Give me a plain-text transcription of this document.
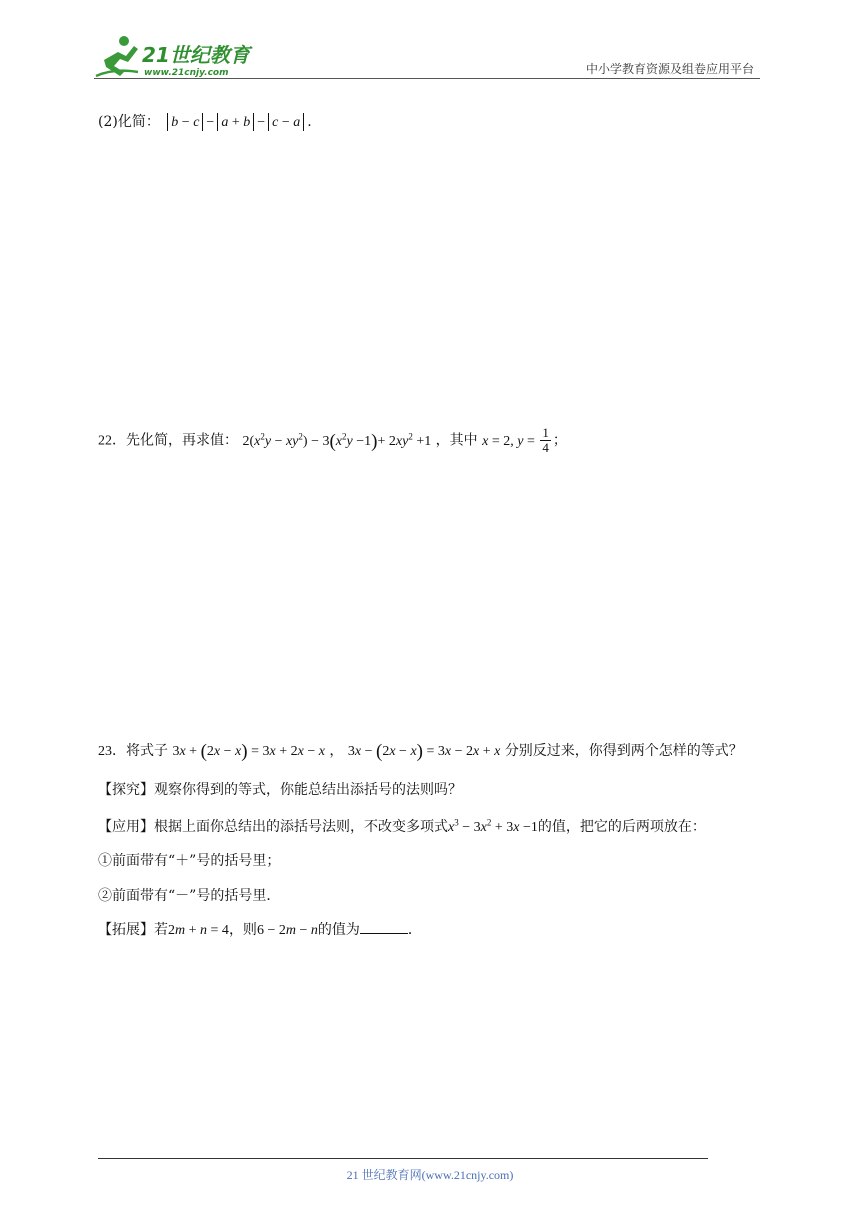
21世纪教育
www.21cnjy.com	中小学教育资源及组卷应用平台
(2)化简： b − c − a + b − c − a .
22．先化简，再求值： $2(x^2y - xy^2) - 3(x^2y -1)+ 2xy^2 +1$ ，其中 x = 2, $y = \frac{1}{4}$ ；
23．将式子 3x + (2x − x) = 3x + 2x − x ， 3x − (2x − x) = 3x − 2x + x 分别反过来，你得到两个怎样的等式？
【探究】观察你得到的等式，你能总结出添括号的法则吗？
【应用】根据上面你总结出的添括号法则，不改变多项式$x^3 - 3x^2 + 3x -1$的值，把它的后两项放在：
①前面带有“＋”号的括号里；
②前面带有“－”号的括号里．
【拓展】若2m + n = 4，则6 − 2m − n的值为	．
21 世纪教育网(www.21cnjy.com)
